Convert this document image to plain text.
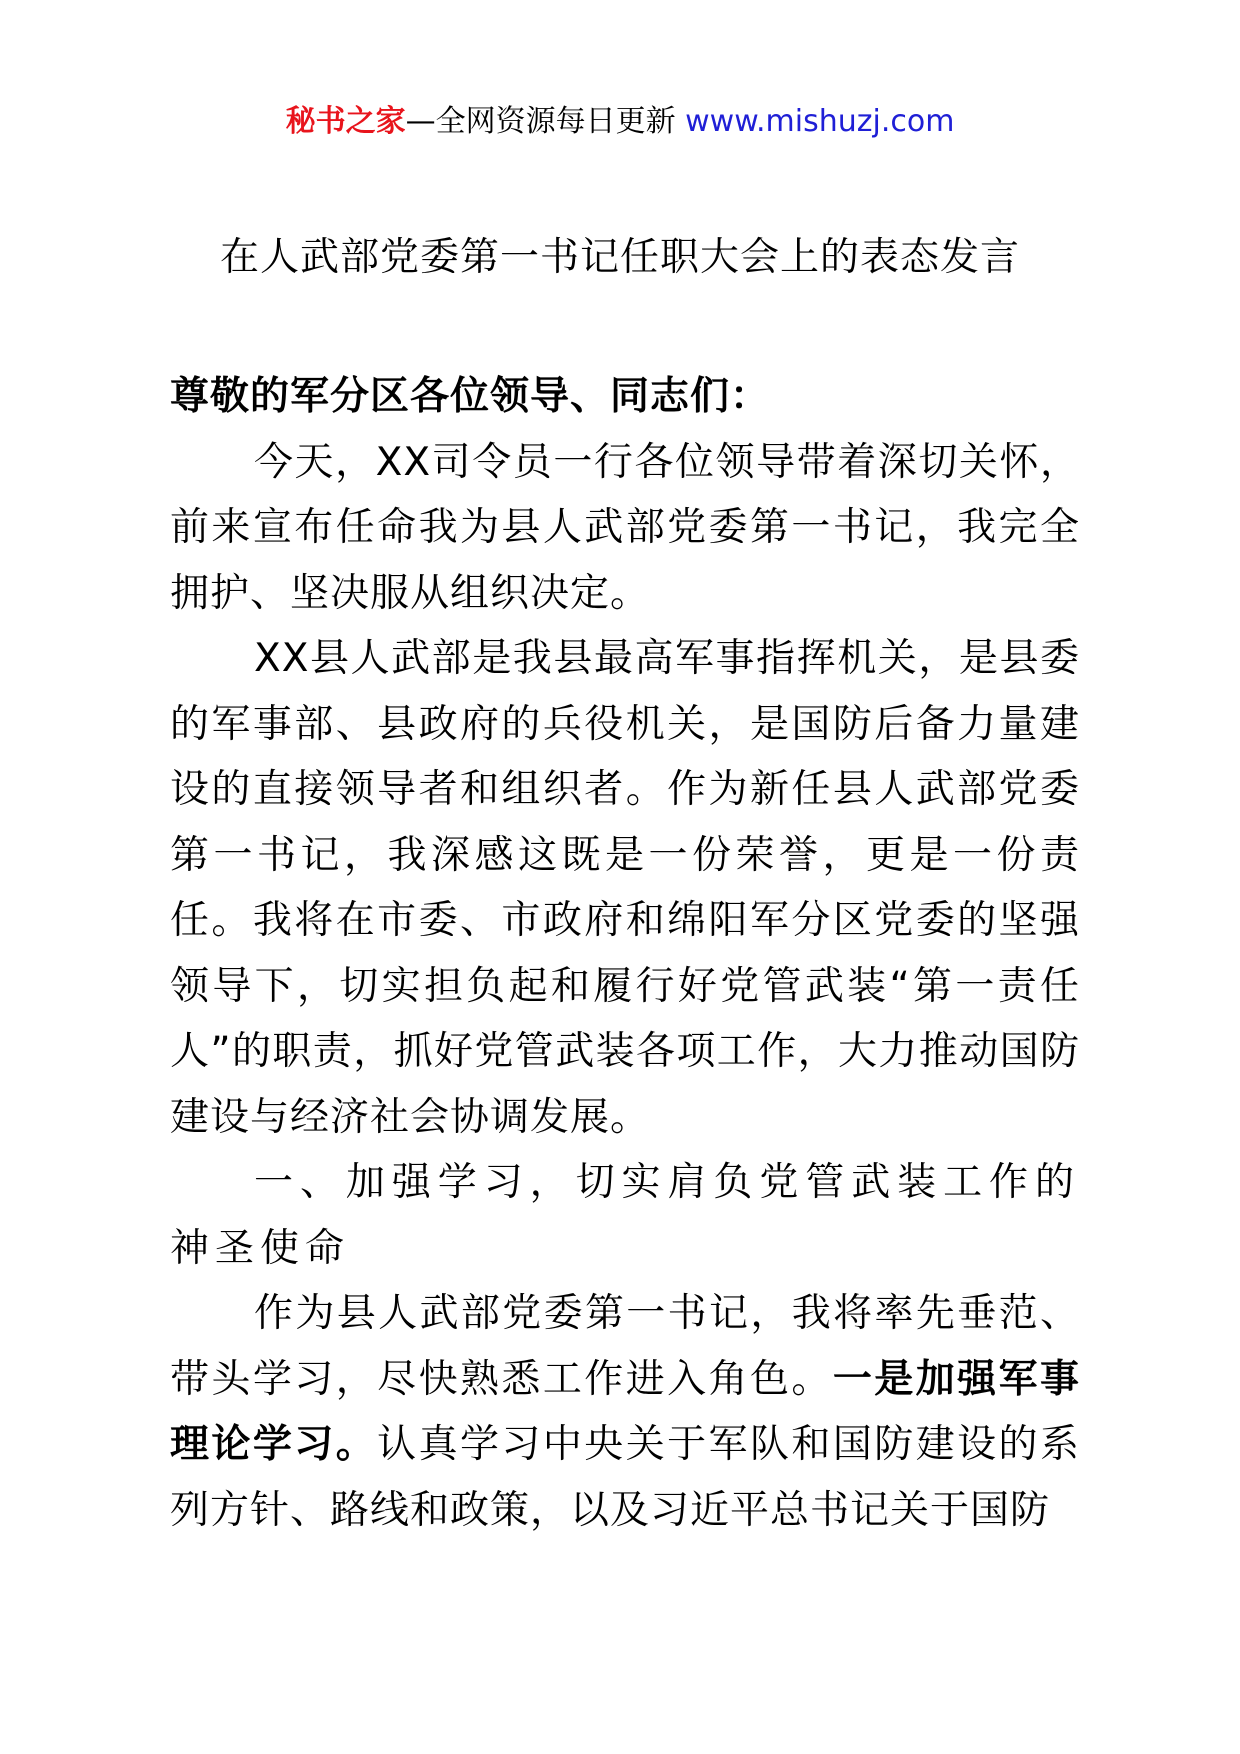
秘书之家—全网资源每日更新 www.mishuzj.com
在人武部党委第一书记任职大会上的表态发言

尊敬的军分区各位领导、同志们：

今天，XX司令员一行各位领导带着深切关怀，前来宣布任命我为县人武部党委第一书记，我完全拥护、坚决服从组织决定。

XX县人武部是我县最高军事指挥机关，是县委的军事部、县政府的兵役机关，是国防后备力量建设的直接领导者和组织者。作为新任县人武部党委第一书记，我深感这既是一份荣誉，更是一份责任。我将在市委、市政府和绵阳军分区党委的坚强领导下，切实担负起和履行好党管武装“第一责任人”的职责，抓好党管武装各项工作，大力推动国防建设与经济社会协调发展。

一、加强学习，切实肩负党管武装工作的神圣使命

作为县人武部党委第一书记，我将率先垂范、带头学习，尽快熟悉工作进入角色。一是加强军事理论学习。认真学习中央关于军队和国防建设的系列方针、路线和政策，以及习近平总书记关于国防
